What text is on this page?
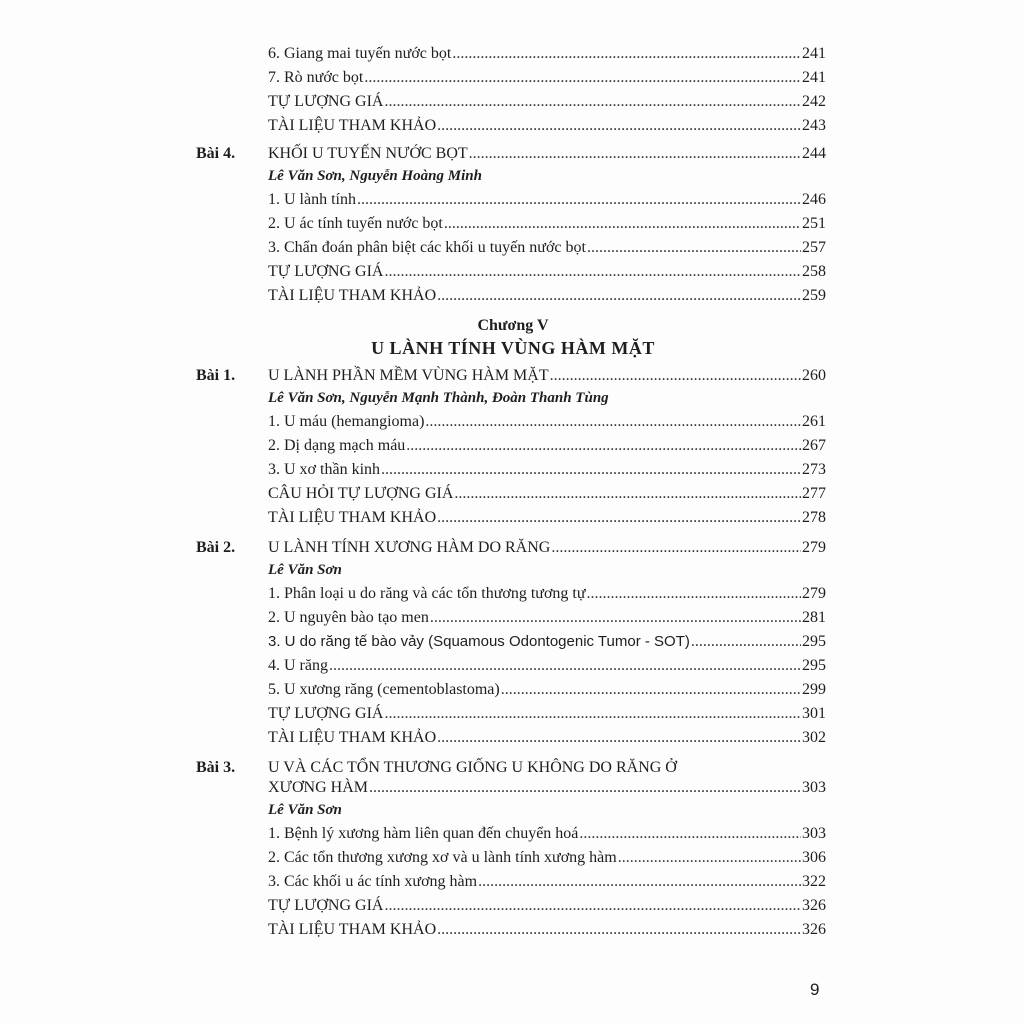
6. Giang mai tuyến nước bọt .....	241
7. Rò nước bọt .....	241
TỰ LƯỢNG GIÁ .....	242
TÀI LIỆU THAM KHẢO .....	243
Bài 4. KHỐI U TUYẾN NƯỚC BỌT .....	244
Lê Văn Sơn, Nguyễn Hoàng Minh
1. U lành tính .....	246
2. U ác tính tuyến nước bọt .....	251
3. Chẩn đoán phân biệt các khối u tuyến nước bọt .....	257
TỰ LƯỢNG GIÁ .....	258
TÀI LIỆU THAM KHẢO .....	259
Chương V
U LÀNH TÍNH VÙNG HÀM MẶT
Bài 1. U LÀNH PHẦN MỀM VÙNG HÀM MẶT .....	260
Lê Văn Sơn, Nguyễn Mạnh Thành, Đoàn Thanh Tùng
1. U máu (hemangioma) .....	261
2. Dị dạng mạch máu .....	267
3. U xơ thần kinh .....	273
CÂU HỎI TỰ LƯỢNG GIÁ .....	277
TÀI LIỆU THAM KHẢO .....	278
Bài 2. U LÀNH TÍNH XƯƠNG HÀM DO RĂNG .....	279
Lê Văn Sơn
1. Phân loại u do răng và các tổn thương tương tự .....	279
2. U nguyên bào tạo men .....	281
3. U do răng tế bào vảy (Squamous Odontogenic Tumor - SOT) .....	295
4. U răng .....	295
5. U xương răng (cementoblastoma) .....	299
TỰ LƯỢNG GIÁ .....	301
TÀI LIỆU THAM KHẢO .....	302
Bài 3. U VÀ CÁC TỔN THƯƠNG GIỐNG U KHÔNG DO RĂNG Ở
XƯƠNG HÀM .....	303
Lê Văn Sơn
1. Bệnh lý xương hàm liên quan đến chuyển hoá .....	303
2. Các tổn thương xương xơ và u lành tính xương hàm .....	306
3. Các khối u ác tính xương hàm .....	322
TỰ LƯỢNG GIÁ .....	326
TÀI LIỆU THAM KHẢO .....	326
9
